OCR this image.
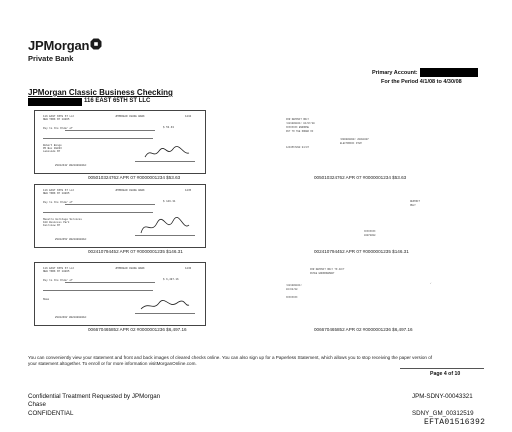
JPMorgan
Private Bank
Primary Account:
For the Period 4/1/08 to 4/30/08
JPMorgan Classic Business Checking
116 EAST 65TH ST LLC
116 EAST 65TH ST LLC
NEW YORK NY 10065
JPMORGAN CHASE BANK	1234
Pay to the Order of	$ 53.63
Robert Benge
PO Box 98033
Lakeside NY
⑈001234⑈ ⑆021000021⑆
005010324762 APR 07 #0000001234 $53.63
FOR DEPOSIT ONLY
>021000021< 04/07/08
XXXXXXXX ENDORSE
PAY TO THE ORDER OF
>R00000000< 20080407
ELECTRONIC ITEM
1234567890 04/07
005010324762 APR 07 #0000001234 $53.63
116 EAST 65TH ST LLC
NEW YORK NY 10065
JPMORGAN CHASE BANK	1235
Pay to the Order of	$ 146.31
Maestro Heritage Services
100 Business Park
Fairview NY
⑈001235⑈ ⑆021000021⑆
002410794452 APR 07 #0000001235 $146.31
DEPOSIT
ONLY
XXXXXXXX
04072008
002410794452 APR 07 #0000001235 $146.31
116 EAST 65TH ST LLC
NEW YORK NY 10065
JPMORGAN CHASE BANK	1236
Pay to the Order of	$ 6,497.16
Memo
⑈001236⑈ ⑆021000021⑆
006670465852 APR 02 #0000001236 $6,497.16
FOR DEPOSIT ONLY TO ACCT
PAYEE ENDORSEMENT
>021000021<
04/02/08
XXXXXXXX
✓
006670465852 APR 02 #0000001236 $6,497.16
You can conveniently view your statement and front and back images of cleared checks online. You can also sign up for a Paperless Statement, which allows you to stop receiving the paper version of
your statement altogether. To enroll or for more information visitMorganOnline.com.
Page 4 of 10
Confidential Treatment Requested by JPMorgan
Chase
CONFIDENTIAL
JPM-SDNY-00043321
SDNY_GM_00312519
EFTA01516392
